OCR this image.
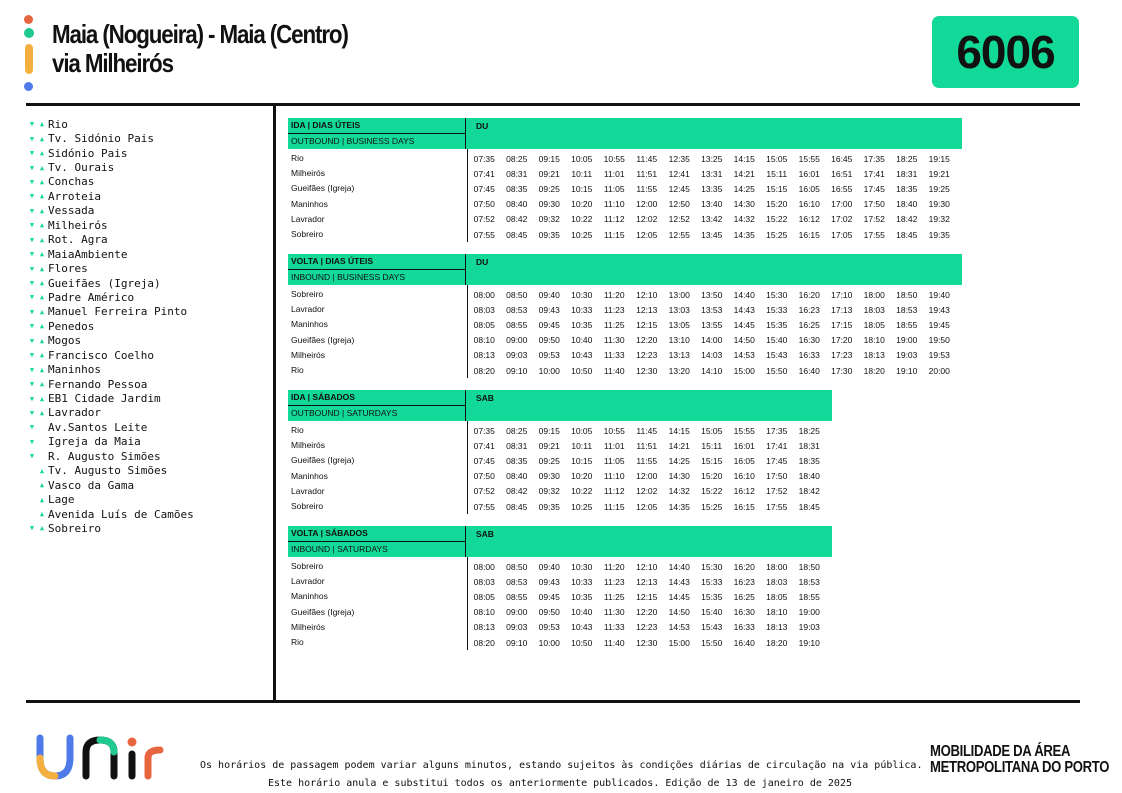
Maia (Nogueira) - Maia (Centro)
via Milheirós	6006
▼ ▲ Rio
▼ ▲ Tv. Sidónio Pais
▼ ▲ Sidónio Pais
▼ ▲ Tv. Ourais
▼ ▲ Conchas
▼ ▲ Arroteia
▼ ▲ Vessada
▼ ▲ Milheirós
▼ ▲ Rot. Agra
▼ ▲ MaiaAmbiente
▼ ▲ Flores
▼ ▲ Gueifães (Igreja)
▼ ▲ Padre Américo
▼ ▲ Manuel Ferreira Pinto
▼ ▲ Penedos
▼ ▲ Mogos
▼ ▲ Francisco Coelho
▼ ▲ Maninhos
▼ ▲ Fernando Pessoa
▼ ▲ EB1 Cidade Jardim
▼ ▲ Lavrador
▼ Av.Santos Leite
▼ Igreja da Maia
▼ R. Augusto Simões
▲ Tv. Augusto Simões
▲ Vasco da Gama
▲ Lage
▲ Avenida Luís de Camões
▼ ▲ Sobreiro
IDA | DIAS ÚTEIS
OUTBOUND | BUSINESS DAYS
DU
Rio	07:35	08:25	09:15	10:05	10:55	11:45	12:35	13:25	14:15	15:05	15:55	16:45	17:35	18:25	19:15
Milheirós	07:41	08:31	09:21	10:11	11:01	11:51	12:41	13:31	14:21	15:11	16:01	16:51	17:41	18:31	19:21
Gueifães (Igreja)	07:45	08:35	09:25	10:15	11:05	11:55	12:45	13:35	14:25	15:15	16:05	16:55	17:45	18:35	19:25
Maninhos	07:50	08:40	09:30	10:20	11:10	12:00	12:50	13:40	14:30	15:20	16:10	17:00	17:50	18:40	19:30
Lavrador	07:52	08:42	09:32	10:22	11:12	12:02	12:52	13:42	14:32	15:22	16:12	17:02	17:52	18:42	19:32
Sobreiro	07:55	08:45	09:35	10:25	11:15	12:05	12:55	13:45	14:35	15:25	16:15	17:05	17:55	18:45	19:35
VOLTA | DIAS ÚTEIS
INBOUND | BUSINESS DAYS
DU
Sobreiro	08:00	08:50	09:40	10:30	11:20	12:10	13:00	13:50	14:40	15:30	16:20	17:10	18:00	18:50	19:40
Lavrador	08:03	08:53	09:43	10:33	11:23	12:13	13:03	13:53	14:43	15:33	16:23	17:13	18:03	18:53	19:43
Maninhos	08:05	08:55	09:45	10:35	11:25	12:15	13:05	13:55	14:45	15:35	16:25	17:15	18:05	18:55	19:45
Gueifães (Igreja)	08:10	09:00	09:50	10:40	11:30	12:20	13:10	14:00	14:50	15:40	16:30	17:20	18:10	19:00	19:50
Milheirós	08:13	09:03	09:53	10:43	11:33	12:23	13:13	14:03	14:53	15:43	16:33	17:23	18:13	19:03	19:53
Rio	08:20	09:10	10:00	10:50	11:40	12:30	13:20	14:10	15:00	15:50	16:40	17:30	18:20	19:10	20:00
IDA | SÁBADOS
OUTBOUND | SATURDAYS
SAB
Rio	07:35	08:25	09:15	10:05	10:55	11:45	14:15	15:05	15:55	17:35	18:25
Milheirós	07:41	08:31	09:21	10:11	11:01	11:51	14:21	15:11	16:01	17:41	18:31
Gueifães (Igreja)	07:45	08:35	09:25	10:15	11:05	11:55	14:25	15:15	16:05	17:45	18:35
Maninhos	07:50	08:40	09:30	10:20	11:10	12:00	14:30	15:20	16:10	17:50	18:40
Lavrador	07:52	08:42	09:32	10:22	11:12	12:02	14:32	15:22	16:12	17:52	18:42
Sobreiro	07:55	08:45	09:35	10:25	11:15	12:05	14:35	15:25	16:15	17:55	18:45
VOLTA | SÁBADOS
INBOUND | SATURDAYS
SAB
Sobreiro	08:00	08:50	09:40	10:30	11:20	12:10	14:40	15:30	16:20	18:00	18:50
Lavrador	08:03	08:53	09:43	10:33	11:23	12:13	14:43	15:33	16:23	18:03	18:53
Maninhos	08:05	08:55	09:45	10:35	11:25	12:15	14:45	15:35	16:25	18:05	18:55
Gueifães (Igreja)	08:10	09:00	09:50	10:40	11:30	12:20	14:50	15:40	16:30	18:10	19:00
Milheirós	08:13	09:03	09:53	10:43	11:33	12:23	14:53	15:43	16:33	18:13	19:03
Rio	08:20	09:10	10:00	10:50	11:40	12:30	15:00	15:50	16:40	18:20	19:10
Os horários de passagem podem variar alguns minutos, estando sujeitos às condições diárias de circulação na via pública.
Este horário anula e substitui todos os anteriormente publicados. Edição de 13 de janeiro de 2025
MOBILIDADE DA ÁREA
METROPOLITANA DO PORTO
